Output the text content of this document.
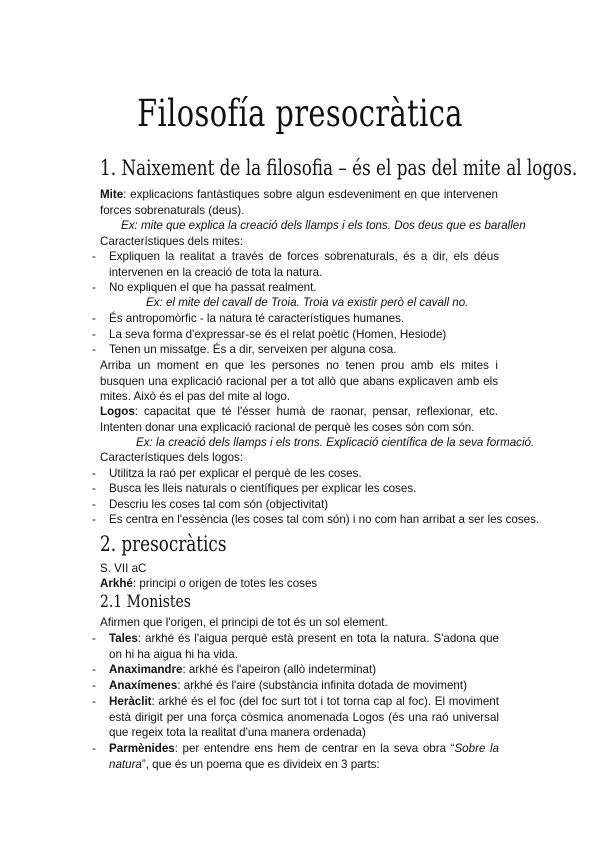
Filosofía presocràtica
1. Naixement de la filosofia – és el pas del mite al logos.
Mite: explicacions fantàstiques sobre algun esdeveniment en que intervenen forces sobrenaturals (deus).
Ex: mite que explica la creació dels llamps i els tons. Dos deus que es barallen
Característiques dels mites:
- Expliquen la realitat a través de forces sobrenaturals, és a dir, els déus intervenen en la creació de tota la natura.
- No expliquen el que ha passat realment.
Ex: el mite del cavall de Troia. Troia va existir però el cavall no.
- És antropomòrfic - la natura té característiques humanes.
- La seva forma d'expressar-se és el relat poètic (Homen, Hesiode)
- Tenen un missatge. És a dir, serveixen per alguna cosa.
Arriba un moment en que les persones no tenen prou amb els mites i busquen una explicació racional per a tot allò que abans explicaven amb els mites. Això és el pas del mite al logo.
Logos: capacitat que té l'ésser humà de raonar, pensar, reflexionar, etc. Intenten donar una explicació racional de perquè les coses són com són.
Ex: la creació dels llamps i els trons. Explicació científica de la seva formació.
Característiques dels logos:
- Utilitza la raó per explicar el perquè de les coses.
- Busca les lleis naturals o científiques per explicar les coses.
- Descriu les coses tal com són (objectivitat)
- Es centra en l'essència (les coses tal com són) i no com han arribat a ser les coses.
2. presocràtics
S. VII aC
Arkhé: principi o origen de totes les coses
2.1 Monistes
Afirmen que l'origen, el principi de tot és un sol element.
- Tales: arkhé és l'aigua perquè està present en tota la natura. S'adona que on hi ha aigua hi ha vida.
- Anaximandre: arkhé és l'apeiron (allò indeterminat)
- Anaxímenes: arkhé és l'aire (substància infinita dotada de moviment)
- Heràclit: arkhé és el foc (del foc surt tot i tot torna cap al foc). El moviment està dirigit per una força còsmica anomenada Logos (és una raó universal que regeix tota la realitat d'una manera ordenada)
- Parmènides: per entendre ens hem de centrar en la seva obra “Sobre la natura”, que és un poema que es divideix en 3 parts:
